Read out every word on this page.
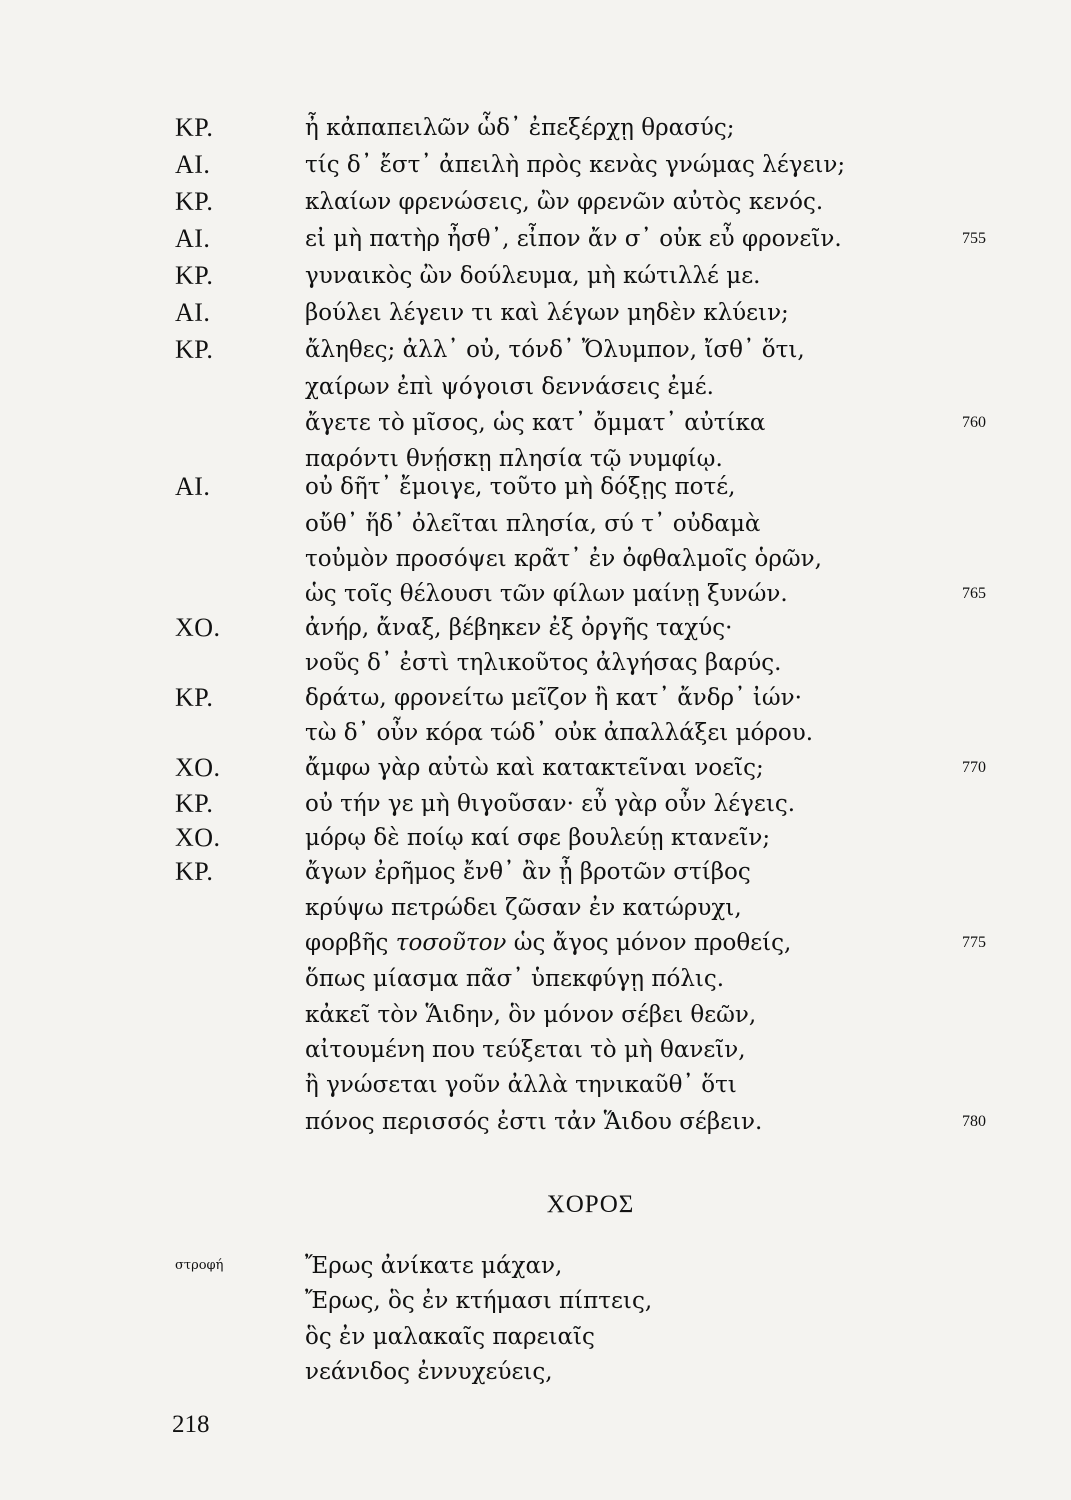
ΚΡ.	ἦ κἀπαπειλῶν ὧδ᾽ ἐπεξέρχῃ θρασύς;
ΑΙ.	τίς δ᾽ ἔστ᾽ ἀπειλὴ πρὸς κενὰς γνώμας λέγειν;
ΚΡ.	κλαίων φρενώσεις, ὢν φρενῶν αὐτὸς κενός.
ΑΙ.	εἰ μὴ πατὴρ ἦσθ᾽, εἶπον ἄν σ᾽ οὐκ εὖ φρονεῖν.	755
ΚΡ.	γυναικὸς ὢν δούλευμα, μὴ κώτιλλέ με.
ΑΙ.	βούλει λέγειν τι καὶ λέγων μηδὲν κλύειν;
ΚΡ.	ἄληθες; ἀλλ᾽ οὐ, τόνδ᾽ Ὄλυμπον, ἴσθ᾽ ὅτι,
χαίρων ἐπὶ ψόγοισι δεννάσεις ἐμέ.
ἄγετε τὸ μῖσος, ὡς κατ᾽ ὄμματ᾽ αὐτίκα	760
παρόντι θνῄσκῃ πλησία τῷ νυμφίῳ.
ΑΙ.	οὐ δῆτ᾽ ἔμοιγε, τοῦτο μὴ δόξῃς ποτέ,
οὔθ᾽ ἥδ᾽ ὀλεῖται πλησία, σύ τ᾽ οὐδαμὰ
τοὐμὸν προσόψει κρᾶτ᾽ ἐν ὀφθαλμοῖς ὁρῶν,
ὡς τοῖς θέλουσι τῶν φίλων μαίνῃ ξυνών.	765
ΧΟ.	ἀνήρ, ἄναξ, βέβηκεν ἐξ ὀργῆς ταχύς·
νοῦς δ᾽ ἐστὶ τηλικοῦτος ἀλγήσας βαρύς.
ΚΡ.	δράτω, φρονείτω μεῖζον ἢ κατ᾽ ἄνδρ᾽ ἰών·
τὼ δ᾽ οὖν κόρα τώδ᾽ οὐκ ἀπαλλάξει μόρου.
ΧΟ.	ἄμφω γὰρ αὐτὼ καὶ κατακτεῖναι νοεῖς;	770
ΚΡ.	οὐ τήν γε μὴ θιγοῦσαν· εὖ γὰρ οὖν λέγεις.
ΧΟ.	μόρῳ δὲ ποίῳ καί σφε βουλεύῃ κτανεῖν;
ΚΡ.	ἄγων ἐρῆμος ἔνθ᾽ ἂν ᾖ βροτῶν στίβος
κρύψω πετρώδει ζῶσαν ἐν κατώρυχι,
φορβῆς τοσοῦτον ὡς ἄγος μόνον προθείς,	775
ὅπως μίασμα πᾶσ᾽ ὑπεκφύγῃ πόλις.
κἀκεῖ τὸν Ἅιδην, ὃν μόνον σέβει θεῶν,
αἰτουμένη που τεύξεται τὸ μὴ θανεῖν,
ἢ γνώσεται γοῦν ἀλλὰ τηνικαῦθ᾽ ὅτι
πόνος περισσός ἐστι τἀν Ἅιδου σέβειν.	780
ΧΟΡΟΣ
στροφή	Ἔρως ἀνίκατε μάχαν,
Ἔρως, ὃς ἐν κτήμασι πίπτεις,
ὃς ἐν μαλακαῖς παρειαῖς
νεάνιδος ἐννυχεύεις,
218
